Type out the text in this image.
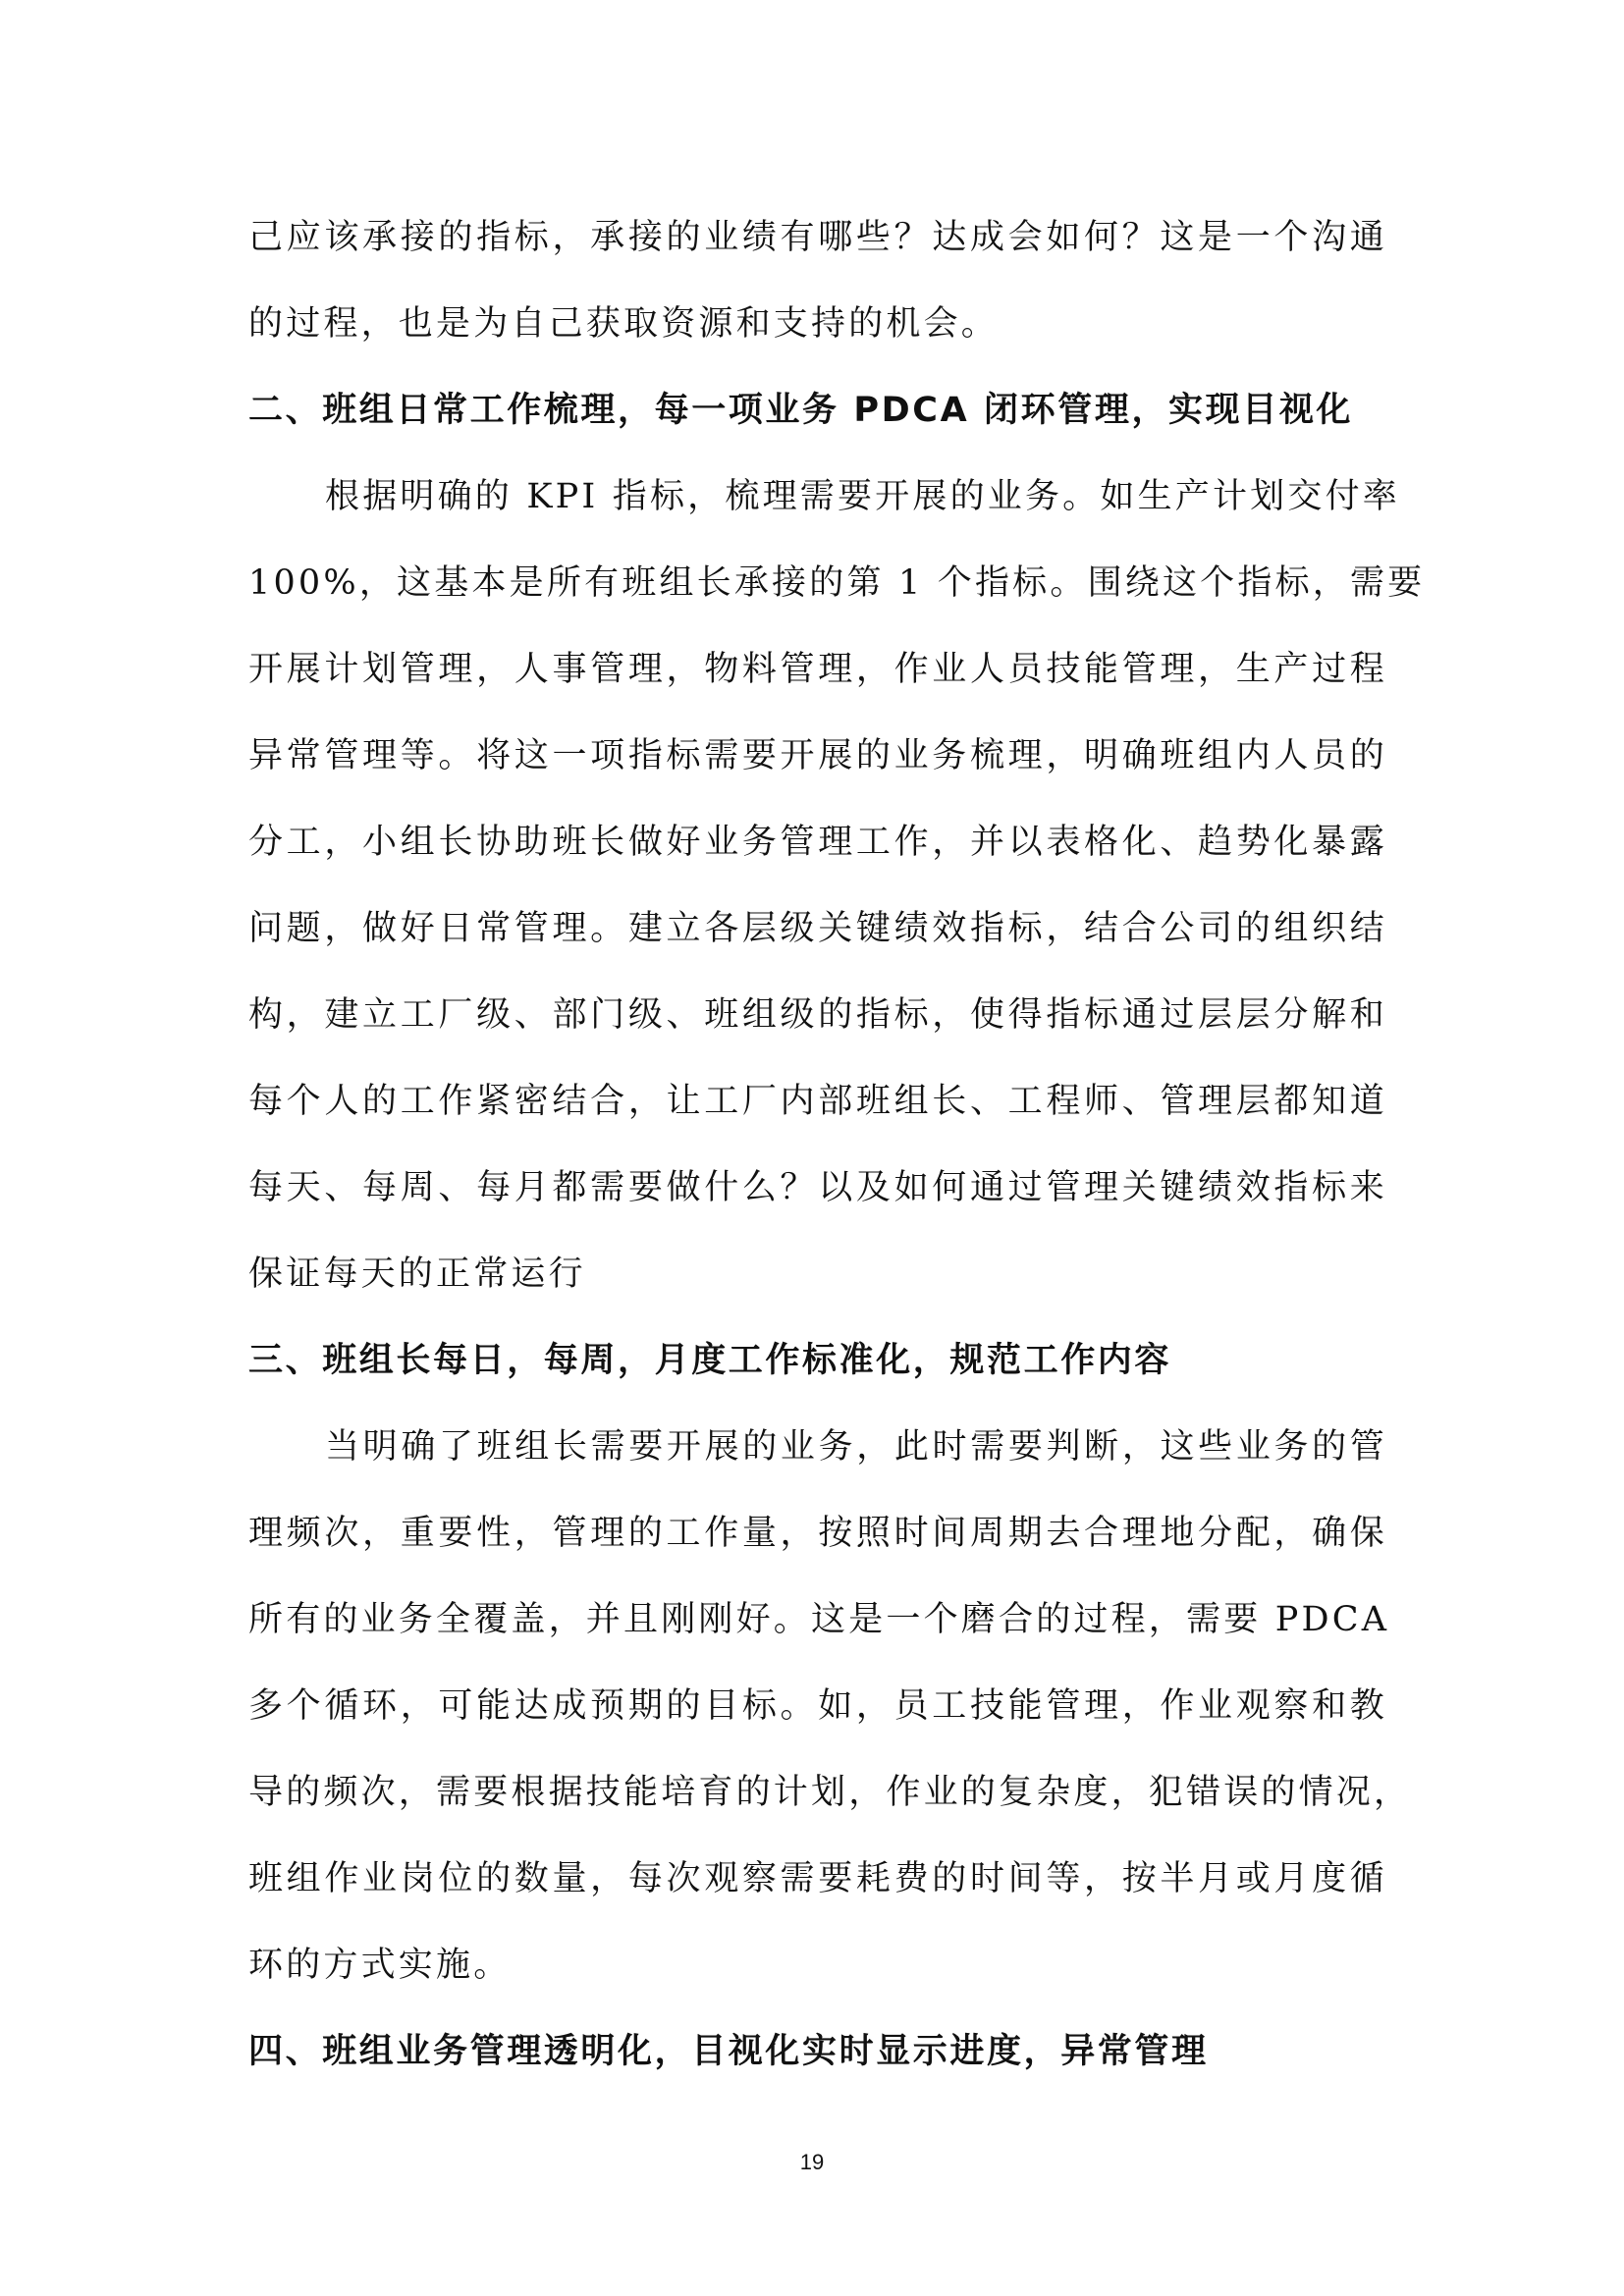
己应该承接的指标，承接的业绩有哪些？达成会如何？这是一个沟通
的过程，也是为自己获取资源和支持的机会。
二、班组日常工作梳理，每一项业务 PDCA 闭环管理，实现目视化
根据明确的 KPI 指标，梳理需要开展的业务。如生产计划交付率
100%，这基本是所有班组长承接的第 1 个指标。围绕这个指标，需要
开展计划管理，人事管理，物料管理，作业人员技能管理，生产过程
异常管理等。将这一项指标需要开展的业务梳理，明确班组内人员的
分工，小组长协助班长做好业务管理工作，并以表格化、趋势化暴露
问题，做好日常管理。建立各层级关键绩效指标，结合公司的组织结
构，建立工厂级、部门级、班组级的指标，使得指标通过层层分解和
每个人的工作紧密结合，让工厂内部班组长、工程师、管理层都知道
每天、每周、每月都需要做什么？以及如何通过管理关键绩效指标来
保证每天的正常运行
三、班组长每日，每周，月度工作标准化，规范工作内容
当明确了班组长需要开展的业务，此时需要判断，这些业务的管
理频次，重要性，管理的工作量，按照时间周期去合理地分配，确保
所有的业务全覆盖，并且刚刚好。这是一个磨合的过程，需要 PDCA
多个循环，可能达成预期的目标。如，员工技能管理，作业观察和教
导的频次，需要根据技能培育的计划，作业的复杂度，犯错误的情况，
班组作业岗位的数量，每次观察需要耗费的时间等，按半月或月度循
环的方式实施。
四、班组业务管理透明化，目视化实时显示进度，异常管理
19
